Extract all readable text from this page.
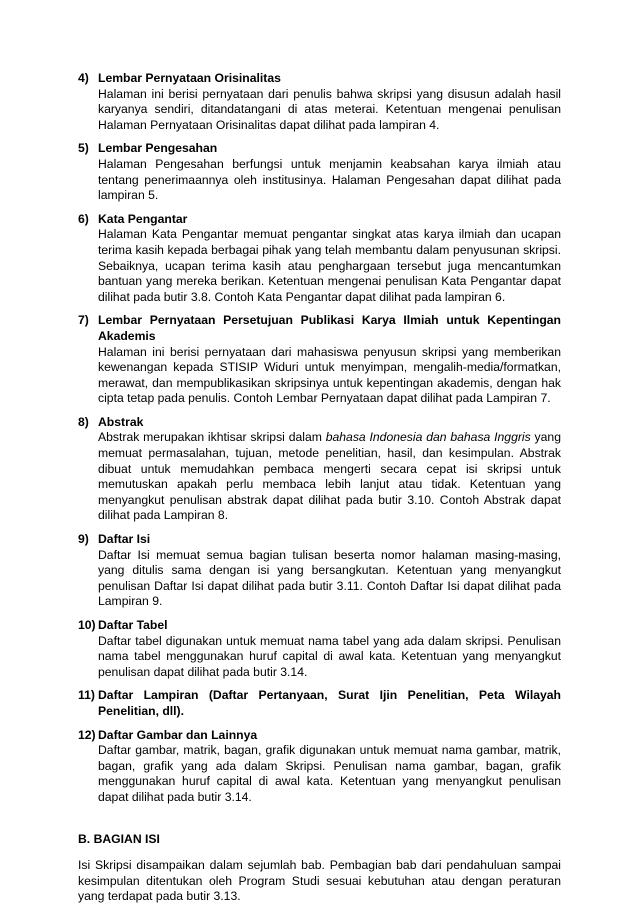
4) Lembar Pernyataan Orisinalitas
Halaman ini berisi pernyataan dari penulis bahwa skripsi yang disusun adalah hasil karyanya sendiri, ditandatangani di atas meterai. Ketentuan mengenai penulisan Halaman Pernyataan Orisinalitas dapat dilihat pada lampiran 4.
5) Lembar Pengesahan
Halaman Pengesahan berfungsi untuk menjamin keabsahan karya ilmiah atau tentang penerimaannya oleh institusinya. Halaman Pengesahan dapat dilihat pada lampiran 5.
6) Kata Pengantar
Halaman Kata Pengantar memuat pengantar singkat atas karya ilmiah dan ucapan terima kasih kepada berbagai pihak yang telah membantu dalam penyusunan skripsi. Sebaiknya, ucapan terima kasih atau penghargaan tersebut juga mencantumkan bantuan yang mereka berikan. Ketentuan mengenai penulisan Kata Pengantar dapat dilihat pada butir 3.8. Contoh Kata Pengantar dapat dilihat pada lampiran 6.
7) Lembar Pernyataan Persetujuan Publikasi Karya Ilmiah untuk Kepentingan Akademis
Halaman ini berisi pernyataan dari mahasiswa penyusun skripsi yang memberikan kewenangan kepada STISIP Widuri untuk menyimpan, mengalih-media/formatkan, merawat, dan mempublikasikan skripsinya untuk kepentingan akademis, dengan hak cipta tetap pada penulis. Contoh Lembar Pernyataan dapat dilihat pada Lampiran 7.
8) Abstrak
Abstrak merupakan ikhtisar skripsi dalam bahasa Indonesia dan bahasa Inggris yang memuat permasalahan, tujuan, metode penelitian, hasil, dan kesimpulan. Abstrak dibuat untuk memudahkan pembaca mengerti secara cepat isi skripsi untuk memutuskan apakah perlu membaca lebih lanjut atau tidak. Ketentuan yang menyangkut penulisan abstrak dapat dilihat pada butir 3.10. Contoh Abstrak dapat dilihat pada Lampiran 8.
9) Daftar Isi
Daftar Isi memuat semua bagian tulisan beserta nomor halaman masing-masing, yang ditulis sama dengan isi yang bersangkutan. Ketentuan yang menyangkut penulisan Daftar Isi dapat dilihat pada butir 3.11. Contoh Daftar Isi dapat dilihat pada Lampiran 9.
10) Daftar Tabel
Daftar tabel digunakan untuk memuat nama tabel yang ada dalam skripsi. Penulisan nama tabel menggunakan huruf capital di awal kata. Ketentuan yang menyangkut penulisan dapat dilihat pada butir 3.14.
11) Daftar Lampiran (Daftar Pertanyaan, Surat Ijin Penelitian, Peta Wilayah Penelitian, dll).
12) Daftar Gambar dan Lainnya
Daftar gambar, matrik, bagan, grafik digunakan untuk memuat nama gambar, matrik, bagan, grafik yang ada dalam Skripsi. Penulisan nama gambar, bagan, grafik menggunakan huruf capital di awal kata. Ketentuan yang menyangkut penulisan dapat dilihat pada butir 3.14.
B. BAGIAN ISI
Isi Skripsi disampaikan dalam sejumlah bab. Pembagian bab dari pendahuluan sampai kesimpulan ditentukan oleh Program Studi sesuai kebutuhan atau dengan peraturan yang terdapat pada butir 3.13.
